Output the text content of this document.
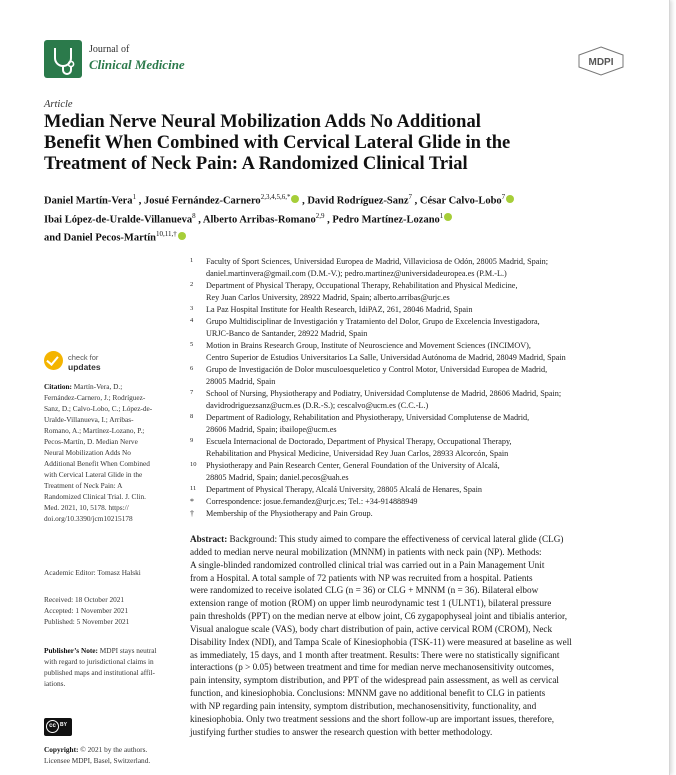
Journal of
Clinical Medicine	MDPI
Article
Median Nerve Neural Mobilization Adds No Additional
Benefit When Combined with Cervical Lateral Glide in the
Treatment of Neck Pain: A Randomized Clinical Trial
Daniel Martín-Vera$^1$ , Josué Fernández-Carnero$^{2,3,4,5,6,*}$ , David Rodríguez-Sanz$^7$ , César Calvo-Lobo$^7$
Ibai López-de-Uralde-Villanueva$^8$ , Alberto Arribas-Romano$^{2,9}$ , Pedro Martínez-Lozano$^1$
and Daniel Pecos-Martín$^{10,11,\dagger}$
1 Faculty of Sport Sciences, Universidad Europea de Madrid, Villaviciosa de Odón, 28005 Madrid, Spain;
daniel.martinvera@gmail.com (D.M.-V.); pedro.martinez@universidadeuropea.es (P.M.-L.)
2 Department of Physical Therapy, Occupational Therapy, Rehabilitation and Physical Medicine,
Rey Juan Carlos University, 28922 Madrid, Spain; alberto.arribas@urjc.es
3 La Paz Hospital Institute for Health Research, IdiPAZ, 261, 28046 Madrid, Spain
4 Grupo Multidisciplinar de Investigación y Tratamiento del Dolor, Grupo de Excelencia Investigadora,
URJC-Banco de Santander, 28922 Madrid, Spain
5 Motion in Brains Research Group, Institute of Neuroscience and Movement Sciences (INCIMOV),
Centro Superior de Estudios Universitarios La Salle, Universidad Autónoma de Madrid, 28049 Madrid, Spain
6 Grupo de Investigación de Dolor musculoesqueletico y Control Motor, Universidad Europea de Madrid,
28005 Madrid, Spain
7 School of Nursing, Physiotherapy and Podiatry, Universidad Complutense de Madrid, 28606 Madrid, Spain;
davidrodriguezsanz@ucm.es (D.R.-S.); cescalvo@ucm.es (C.C.-L.)
8 Department of Radiology, Rehabilitation and Physiotherapy, Universidad Complutense de Madrid,
28606 Madrid, Spain; ibailope@ucm.es
9 Escuela Internacional de Doctorado, Department of Physical Therapy, Occupational Therapy,
Rehabilitation and Physical Medicine, Universidad Rey Juan Carlos, 28933 Alcorcón, Spain
10 Physiotherapy and Pain Research Center, General Foundation of the University of Alcalá,
28805 Madrid, Spain; daniel.pecos@uah.es
11 Department of Physical Therapy, Alcalá University, 28805 Alcalá de Henares, Spain
* Correspondence: josue.fernandez@urjc.es; Tel.: +34-914888949
† Membership of the Physiotherapy and Pain Group.
check for
updates
Citation: Martín-Vera, D.;
Fernández-Carnero, J.; Rodríguez-
Sanz, D.; Calvo-Lobo, C.; López-de-
Uralde-Villanueva, I.; Arribas-
Romano, A.; Martínez-Lozano, P.;
Pecos-Martín, D. Median Nerve
Neural Mobilization Adds No
Additional Benefit When Combined
with Cervical Lateral Glide in the
Treatment of Neck Pain: A
Randomized Clinical Trial. J. Clin.
Med. 2021, 10, 5178. https://
doi.org/10.3390/jcm10215178
Academic Editor: Tomasz Halski
Received: 18 October 2021
Accepted: 1 November 2021
Published: 5 November 2021
Publisher’s Note: MDPI stays neutral
with regard to jurisdictional claims in
published maps and institutional affil-
iations.
cc BY
Copyright: © 2021 by the authors.
Licensee MDPI, Basel, Switzerland.
Abstract: Background: This study aimed to compare the effectiveness of cervical lateral glide (CLG)
added to median nerve neural mobilization (MNNM) in patients with neck pain (NP). Methods:
A single-blinded randomized controlled clinical trial was carried out in a Pain Management Unit
from a Hospital. A total sample of 72 patients with NP was recruited from a hospital. Patients
were randomized to receive isolated CLG (n = 36) or CLG + MNNM (n = 36). Bilateral elbow
extension range of motion (ROM) on upper limb neurodynamic test 1 (ULNT1), bilateral pressure
pain thresholds (PPT) on the median nerve at elbow joint, C6 zygapophyseal joint and tibialis anterior,
Visual analogue scale (VAS), body chart distribution of pain, active cervical ROM (CROM), Neck
Disability Index (NDI), and Tampa Scale of Kinesiophobia (TSK-11) were measured at baseline as well
as immediately, 15 days, and 1 month after treatment. Results: There were no statistically significant
interactions (p > 0.05) between treatment and time for median nerve mechanosensitivity outcomes,
pain intensity, symptom distribution, and PPT of the widespread pain assessment, as well as cervical
function, and kinesiophobia. Conclusions: MNNM gave no additional benefit to CLG in patients
with NP regarding pain intensity, symptom distribution, mechanosensitivity, functionality, and
kinesiophobia. Only two treatment sessions and the short follow-up are important issues, therefore,
justifying further studies to answer the research question with better methodology.
